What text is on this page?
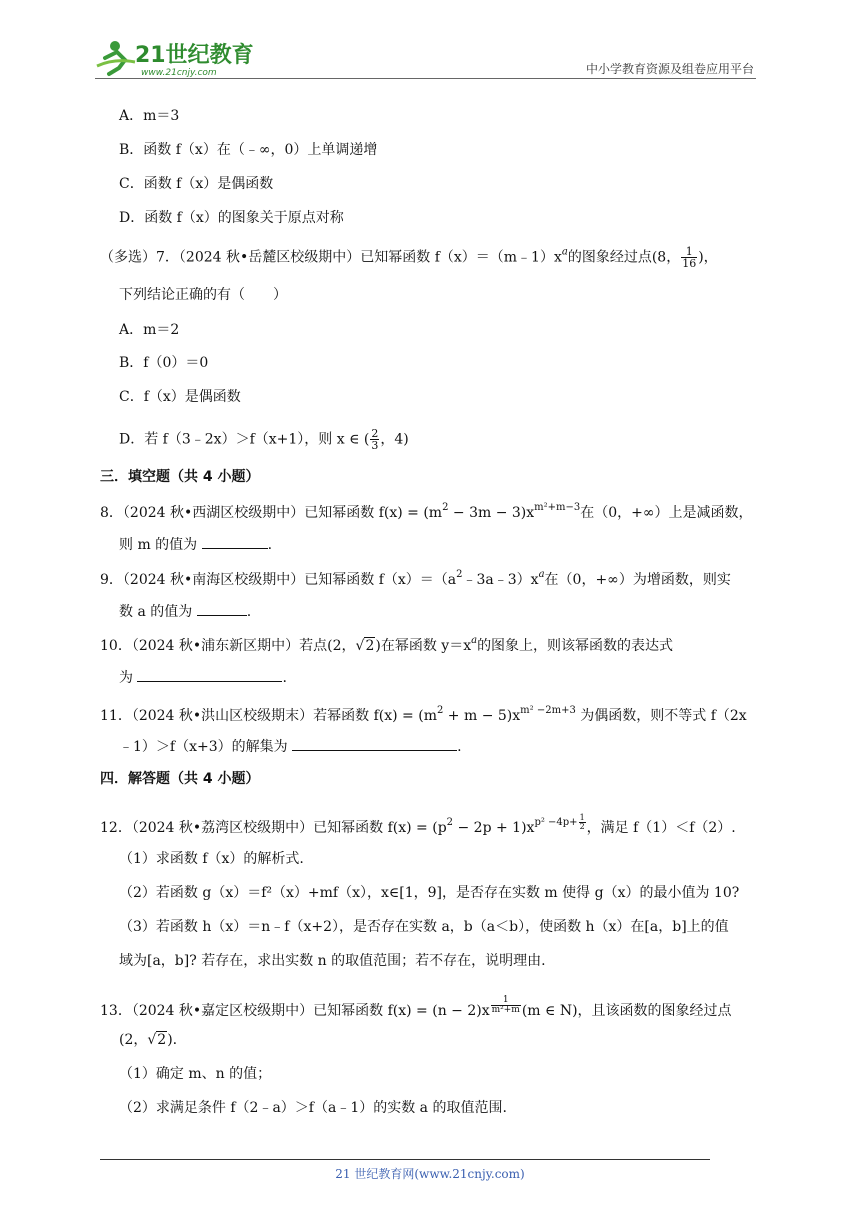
21世纪教育
www.21cnjy.com	中小学教育资源及组卷应用平台
A．m＝3
B．函数 f（x）在（﹣∞，0）上单调递增
C．函数 f（x）是偶函数
D．函数 f（x）的图象关于原点对称
（多选）7．（2024 秋•岳麓区校级期中）已知幂函数 $f(x)=(m﹣1)x^a$的图象经过点(8， $\frac{1}{16}$ )，
下列结论正确的有（　　）
A．m＝2
B．f（0）＝0
C．f（x）是偶函数
D．若 f（3﹣2x）＞f（x+1），则 x ∈ ( $\frac{2}{3}$ ，4)
三．填空题（共 4 小题）
8．（2024 秋•西湖区校级期中）已知幂函数 $f(x) = (m^2 - 3m - 3)x^{m^2+m-3}$在（0，+∞）上是减函数，
则 m 的值为	.
9．（2024 秋•南海区校级期中）已知幂函数 $f(x)=(a^2﹣3a﹣3)x^a$在（0，+∞）为增函数，则实
数 a 的值为	.
10．（2024 秋•浦东新区期中）若点(2，√2)在幂函数 $y=x^a$的图象上，则该幂函数的表达式
为	.
11．（2024 秋•洪山区校级期末）若幂函数 $f(x) = (m^2 + m - 5)x^{m^2 -2m+3}$ 为偶函数，则不等式 f（2x
﹣1）＞f（x+3）的解集为	.
四．解答题（共 4 小题）
12．（2024 秋•荔湾区校级期中）已知幂函数 $f(x) = (p^2 - 2p + 1)x^{p^2 -4p+ \frac{1}{2}}$ ，满足 f（1）＜f（2）.
（1）求函数 f（x）的解析式.
（2）若函数 g（x）＝f²（x）+mf（x），x∈[1，9]，是否存在实数 m 使得 g（x）的最小值为 10?
（3）若函数 h（x）＝n﹣f（x+2），是否存在实数 a，b（a＜b），使函数 h（x）在[a，b]上的值
域为[a，b]? 若存在，求出实数 n 的取值范围；若不存在，说明理由.
13．（2024 秋•嘉定区校级期中）已知幂函数 f(x) = (n − 2)x $^{\frac{1}{\text{m²+m}}}$ (m ∈ N)，且该函数的图象经过点
(2，√2).
（1）确定 m、n 的值；
（2）求满足条件 f（2﹣a）＞f（a﹣1）的实数 a 的取值范围.
21 世纪教育网(www.21cnjy.com)
